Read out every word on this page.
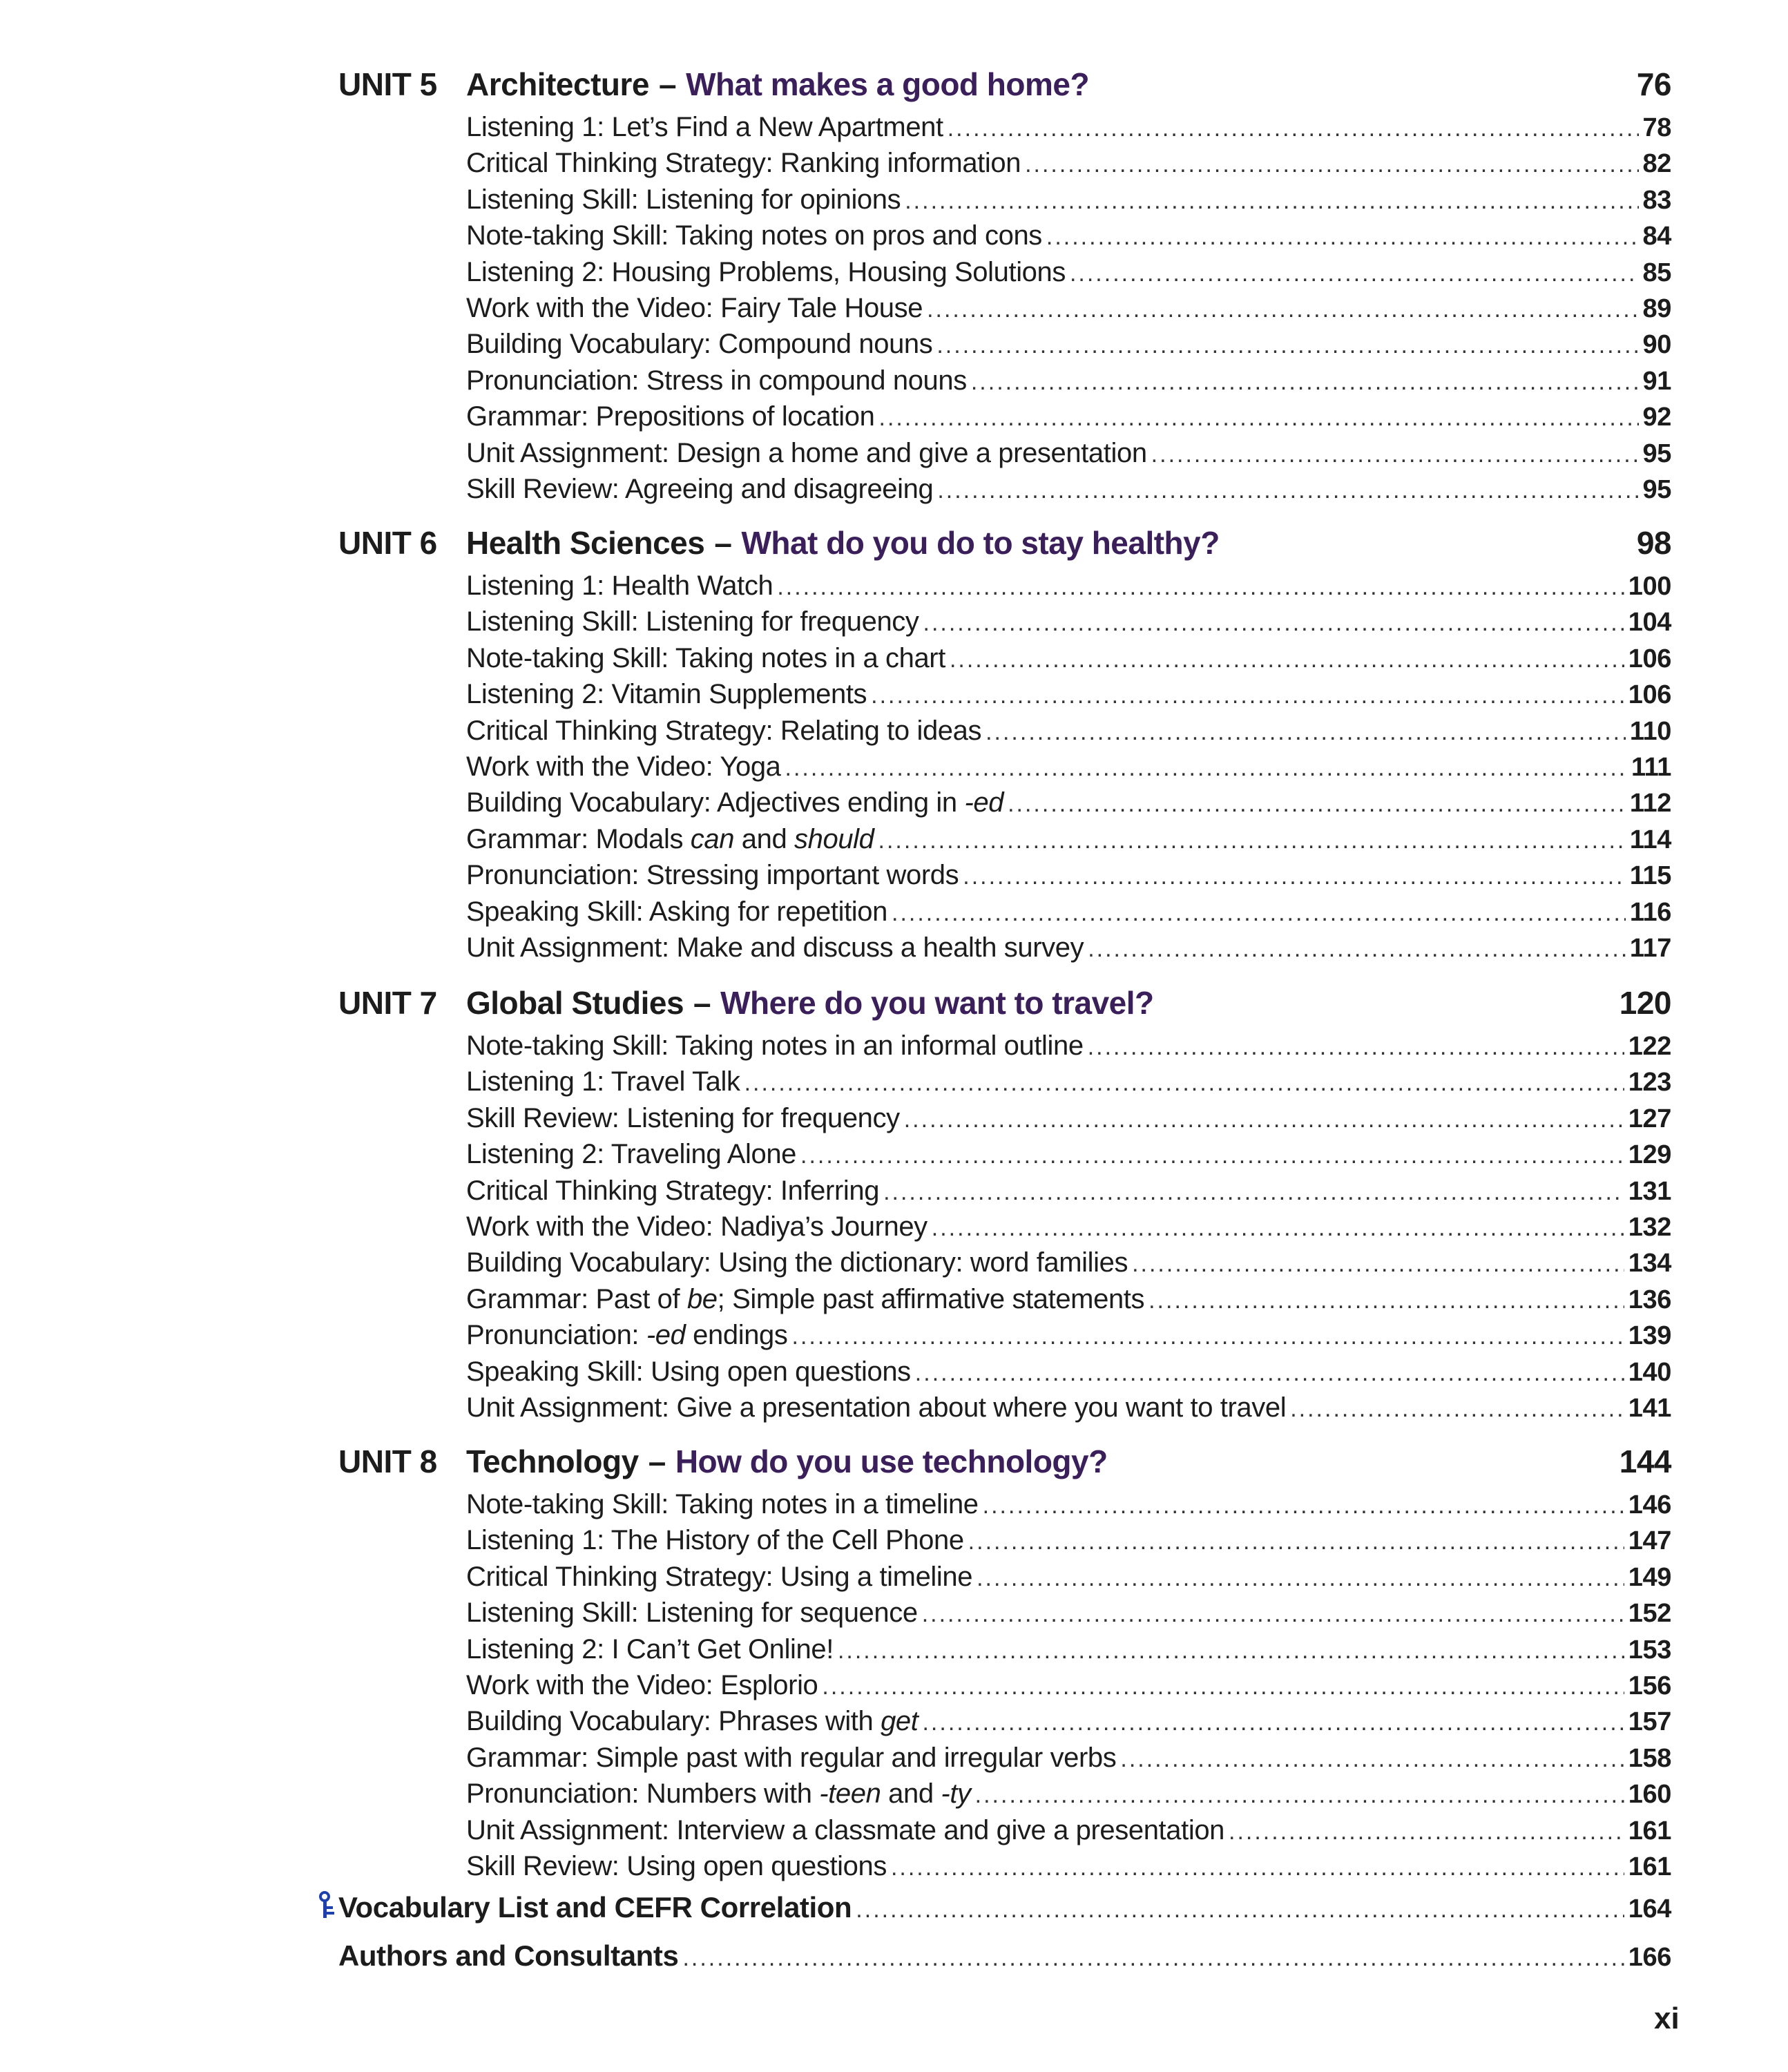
UNIT 5 Architecture – What makes a good home?	76
Listening 1: Let’s Find a New Apartment .....	78
Critical Thinking Strategy: Ranking information .....	82
Listening Skill: Listening for opinions .....	83
Note-taking Skill: Taking notes on pros and cons .....	84
Listening 2: Housing Problems, Housing Solutions .....	85
Work with the Video: Fairy Tale House .....	89
Building Vocabulary: Compound nouns .....	90
Pronunciation: Stress in compound nouns .....	91
Grammar: Prepositions of location .....	92
Unit Assignment: Design a home and give a presentation .....	95
Skill Review: Agreeing and disagreeing .....	95
UNIT 6 Health Sciences – What do you do to stay healthy?	98
Listening 1: Health Watch .....	100
Listening Skill: Listening for frequency .....	104
Note-taking Skill: Taking notes in a chart .....	106
Listening 2: Vitamin Supplements .....	106
Critical Thinking Strategy: Relating to ideas .....	110
Work with the Video: Yoga .....	111
Building Vocabulary: Adjectives ending in -ed .....	112
Grammar: Modals can and should .....	114
Pronunciation: Stressing important words .....	115
Speaking Skill: Asking for repetition .....	116
Unit Assignment: Make and discuss a health survey .....	117
UNIT 7 Global Studies – Where do you want to travel?	120
Note-taking Skill: Taking notes in an informal outline .....	122
Listening 1: Travel Talk .....	123
Skill Review: Listening for frequency .....	127
Listening 2: Traveling Alone .....	129
Critical Thinking Strategy: Inferring .....	131
Work with the Video: Nadiya’s Journey .....	132
Building Vocabulary: Using the dictionary: word families .....	134
Grammar: Past of be; Simple past affirmative statements .....	136
Pronunciation: -ed endings .....	139
Speaking Skill: Using open questions .....	140
Unit Assignment: Give a presentation about where you want to travel .....	141
UNIT 8 Technology – How do you use technology?	144
Note-taking Skill: Taking notes in a timeline .....	146
Listening 1: The History of the Cell Phone .....	147
Critical Thinking Strategy: Using a timeline .....	149
Listening Skill: Listening for sequence .....	152
Listening 2: I Can’t Get Online! .....	153
Work with the Video: Esplorio .....	156
Building Vocabulary: Phrases with get .....	157
Grammar: Simple past with regular and irregular verbs .....	158
Pronunciation: Numbers with -teen and -ty .....	160
Unit Assignment: Interview a classmate and give a presentation .....	161
Skill Review: Using open questions .....	161
Vocabulary List and CEFR Correlation .....	164
Authors and Consultants .....	166
xi
